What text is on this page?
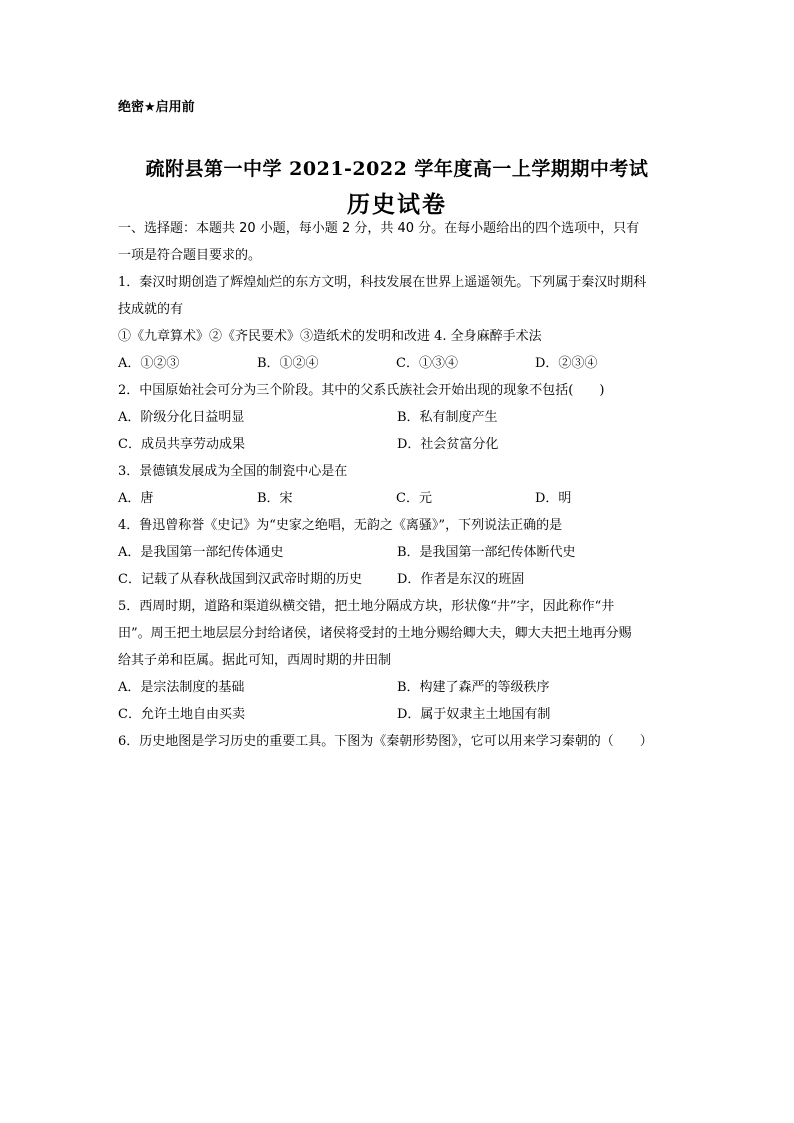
绝密★启用前
疏附县第一中学 2021-2022 学年度高一上学期期中考试
历史试卷
一、选择题：本题共 20 小题，每小题 2 分，共 40 分。在每小题给出的四个选项中，只有
一项是符合题目要求的。
1．秦汉时期创造了辉煌灿烂的东方文明，科技发展在世界上遥遥领先。下列属于秦汉时期科
技成就的有
①《九章算术》②《齐民要术》③造纸术的发明和改进 4. 全身麻醉手术法
A．①②③	B．①②④	C．①③④	D．②③④
2．中国原始社会可分为三个阶段。其中的父系氏族社会开始出现的现象不包括(　　)
A．阶级分化日益明显	B．私有制度产生
C．成员共享劳动成果	D．社会贫富分化
3．景德镇发展成为全国的制瓷中心是在
A．唐	B．宋	C．元	D．明
4．鲁迅曾称誉《史记》为“史家之绝唱，无韵之《离骚》”，下列说法正确的是
A．是我国第一部纪传体通史	B．是我国第一部纪传体断代史
C．记载了从春秋战国到汉武帝时期的历史	D．作者是东汉的班固
5．西周时期，道路和渠道纵横交错，把土地分隔成方块，形状像“井”字，因此称作“井
田”。周王把土地层层分封给诸侯，诸侯将受封的土地分赐给卿大夫，卿大夫把土地再分赐
给其子弟和臣属。据此可知，西周时期的井田制
A．是宗法制度的基础	B．构建了森严的等级秩序
C．允许土地自由买卖	D．属于奴隶主土地国有制
6．历史地图是学习历史的重要工具。下图为《秦朝形势图》，它可以用来学习秦朝的（　　）
